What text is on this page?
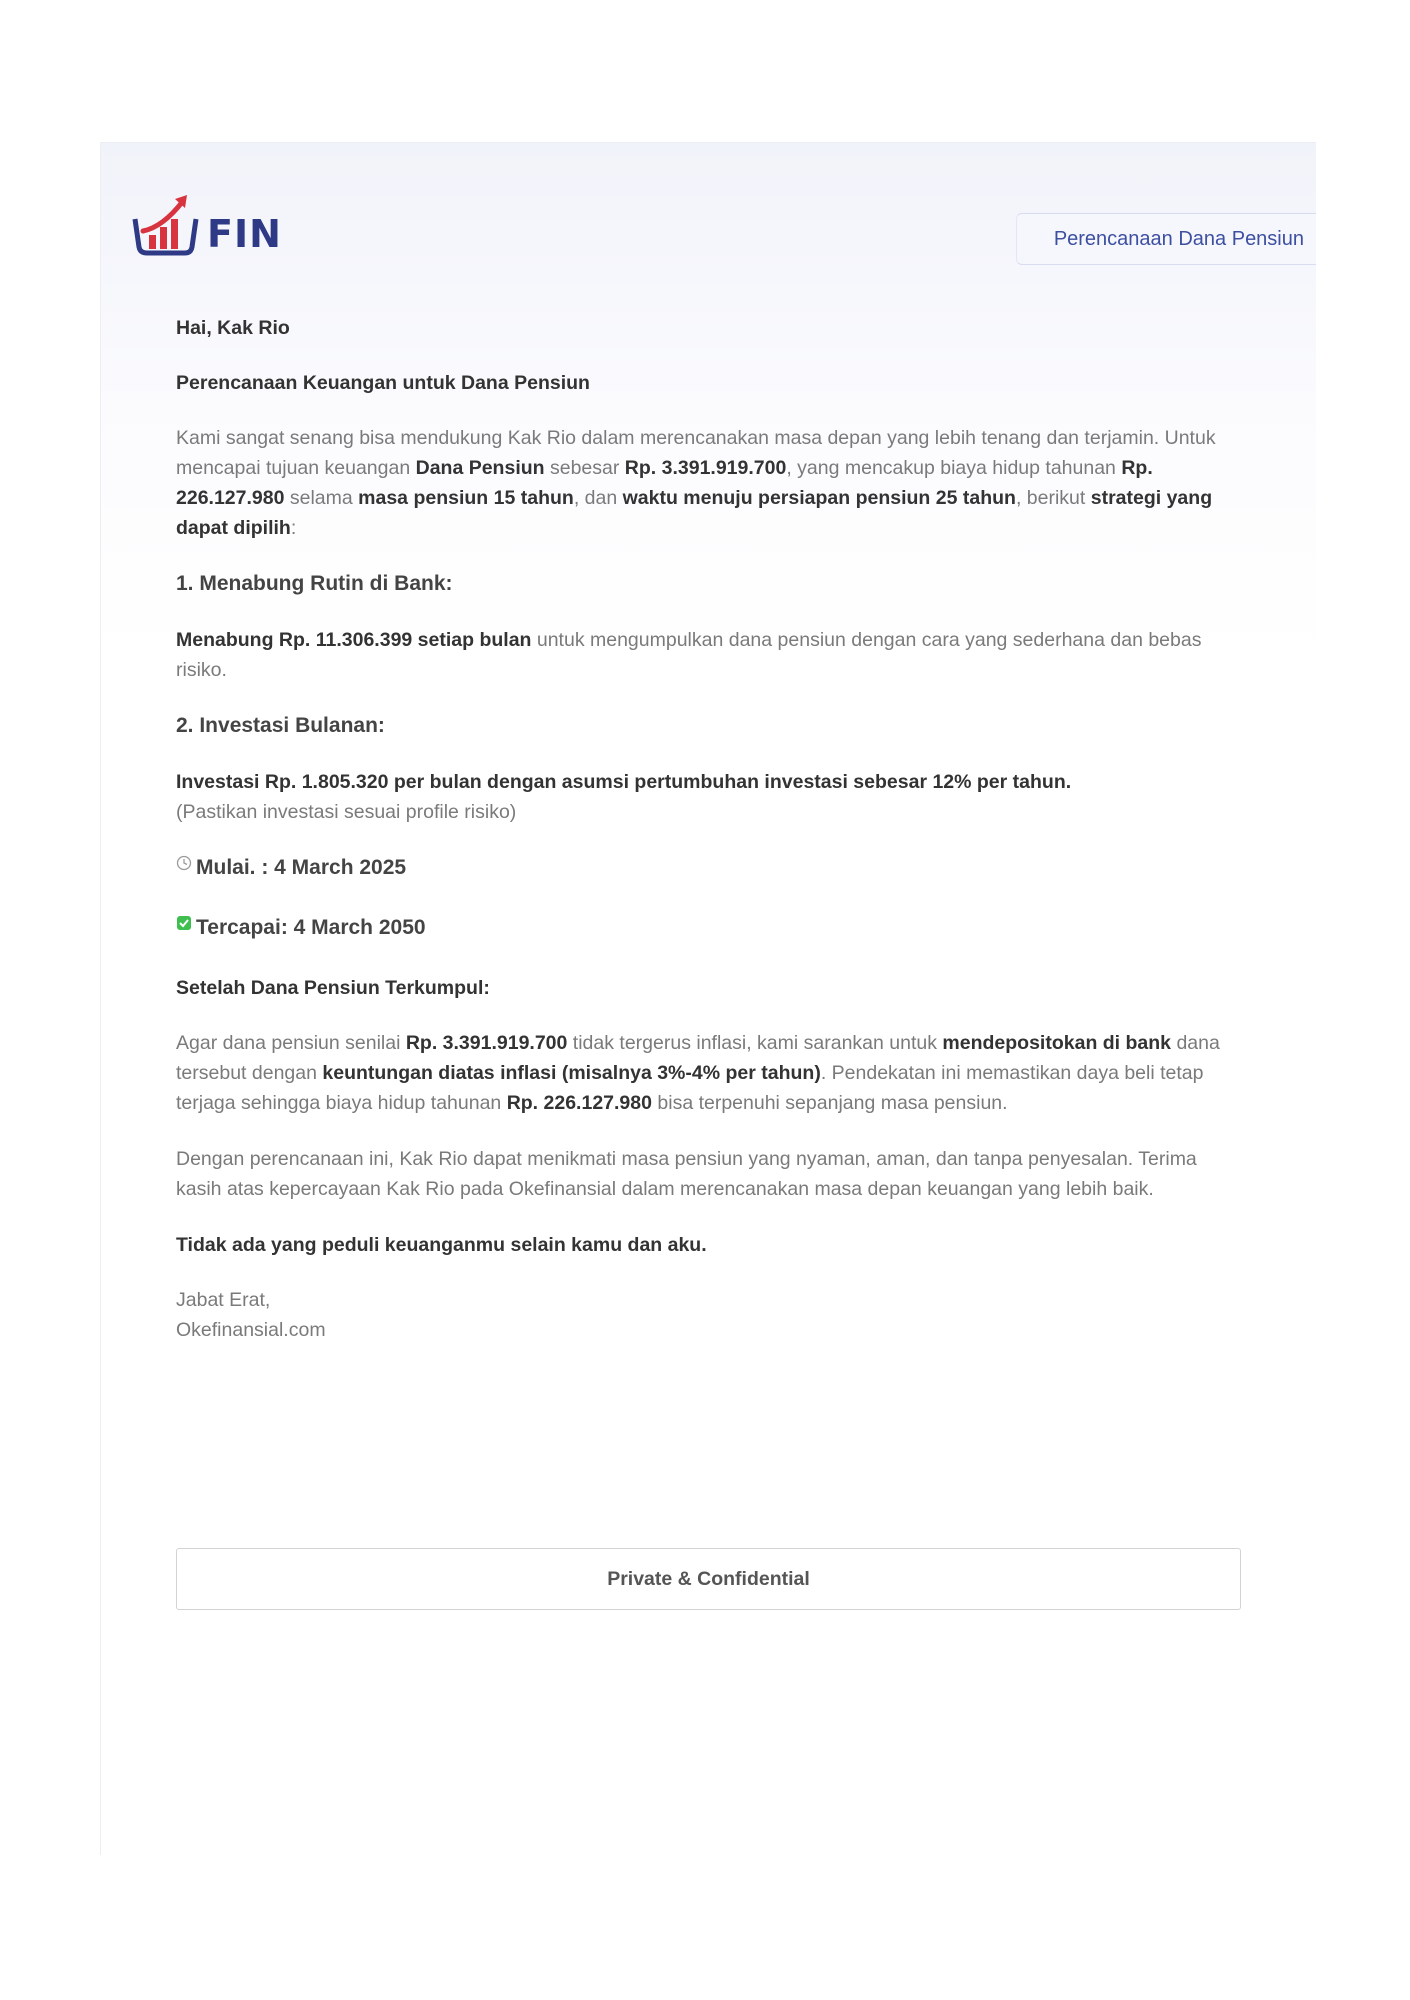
FIN	Perencanaan Dana Pensiun

Hai, Kak Rio

Perencanaan Keuangan untuk Dana Pensiun

Kami sangat senang bisa mendukung Kak Rio dalam merencanakan masa depan yang lebih tenang dan terjamin. Untuk mencapai tujuan keuangan Dana Pensiun sebesar Rp. 3.391.919.700, yang mencakup biaya hidup tahunan Rp. 226.127.980 selama masa pensiun 15 tahun, dan waktu menuju persiapan pensiun 25 tahun, berikut strategi yang dapat dipilih:

1. Menabung Rutin di Bank:

Menabung Rp. 11.306.399 setiap bulan untuk mengumpulkan dana pensiun dengan cara yang sederhana dan bebas risiko.

2. Investasi Bulanan:

Investasi Rp. 1.805.320 per bulan dengan asumsi pertumbuhan investasi sebesar 12% per tahun.
(Pastikan investasi sesuai profile risiko)

Mulai. : 4 March 2025

Tercapai: 4 March 2050

Setelah Dana Pensiun Terkumpul:

Agar dana pensiun senilai Rp. 3.391.919.700 tidak tergerus inflasi, kami sarankan untuk mendepositokan di bank dana tersebut dengan keuntungan diatas inflasi (misalnya 3%-4% per tahun). Pendekatan ini memastikan daya beli tetap terjaga sehingga biaya hidup tahunan Rp. 226.127.980 bisa terpenuhi sepanjang masa pensiun.

Dengan perencanaan ini, Kak Rio dapat menikmati masa pensiun yang nyaman, aman, dan tanpa penyesalan. Terima kasih atas kepercayaan Kak Rio pada Okefinansial dalam merencanakan masa depan keuangan yang lebih baik.

Tidak ada yang peduli keuanganmu selain kamu dan aku.

Jabat Erat,

Okefinansial.com

Private & Confidential
